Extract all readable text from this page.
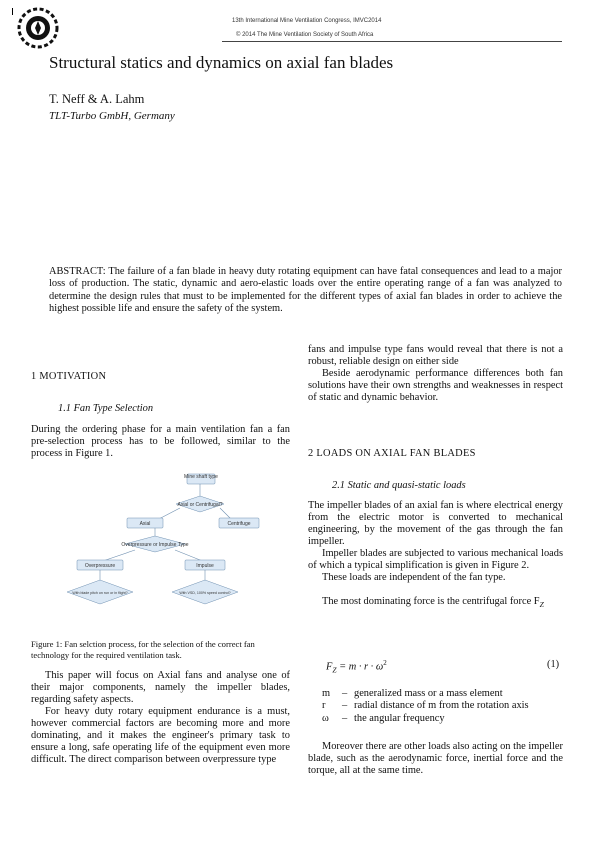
13th International Mine Ventilation Congress, IMVC2014
© 2014 The Mine Ventilation Society of South Africa
Structural statics and dynamics on axial fan blades
T. Neff & A. Lahm
TLT-Turbo GmbH, Germany
ABSTRACT: The failure of a fan blade in heavy duty rotating equipment can have fatal consequences and lead to a major loss of production. The static, dynamic and aero-elastic loads over the entire operating range of a fan was analyzed to determine the design rules that must to be implemented for the different types of axial fan blades in order to achieve the highest possible life and ensure the safety of the system.
1 MOTIVATION
1.1 Fan Type Selection

During the ordering phase for a main ventilation fan a fan pre-selection process has to be followed, similar to the process in Figure 1.

Mine shaft type
Axial or Centrifugal?
Axial	Centrifuge
Overpressure or Impulse Type
Overpressure	Impulse
With blade pitch on run or in flight?	With VSD, 100% speed control?
Figure 1: Fan selction process, for the selection of the correct fan technology for the required ventilation task.

This paper will focus on Axial fans and analyse one of their major components, namely the impeller blades, regarding safety aspects.

For heavy duty rotary equipment endurance is a must, however commercial factors are becoming more and more dominating, and it makes the engineer's primary task to ensure a long, safe operating life of the equipment even more difficult. The direct comparison between overpressure type

fans and impulse type fans would reveal that there is not a robust, reliable design on either side

Beside aerodynamic performance differences both fan solutions have their own strengths and weaknesses in respect of static and dynamic behavior.

2 LOADS ON AXIAL FAN BLADES
2.1 Static and quasi-static loads

The impeller blades of an axial fan is where electrical energy from the electric motor is converted to mechanical engineering, by the movement of the gas through the fan impeller.

Impeller blades are subjected to various mechanical loads of which a typical simplification is given in Figure 2.

These loads are independent of the fan type.

The most dominating force is the centrifugal force $F_Z$

$F_Z = m \cdot r \cdot \omega^2$	(1)
m	– generalized mass or a mass element
r	– radial distance of m from the rotation axis
ω	– the angular frequency

Moreover there are other loads also acting on the impeller blade, such as the aerodynamic force, inertial force and the torque, all at the same time.
